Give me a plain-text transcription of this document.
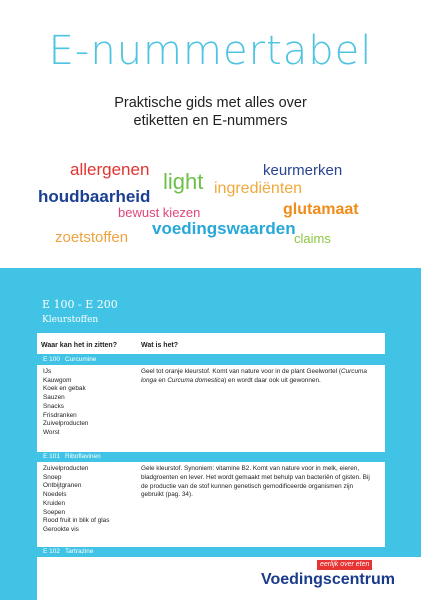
E-nummertabel
Praktische gids met alles over
etiketten en E-nummers
allergenen light	keurmerken
houdbaarheid	ingrediënten
bewust kiezen	glutamaat
zoetstoffen voedingswaarden
claims
E 100 - E 200
Kleurstoffen
Waar kan het in zitten?	Wat is het?
E 100 Curcumine
IJs
Kauwgom
Koek en gebak
Sauzen
Snacks
Frisdranken
Zuivelproducten
Worst
Geel tot oranje kleurstof. Komt van nature voor in de plant Geelwortel (Curcuma longa en Curcuma domestica) en wordt daar ook uit gewonnen.
E 101 Riboflavinen
Zuivelproducten
Snoep
Ontbijtgranen
Noedels
Kruiden
Soepen
Rood fruit in blik of glas
Gerookte vis
Gele kleurstof. Synoniem: vitamine B2. Komt van nature voor in melk, eieren, bladgroenten en lever. Het wordt gemaakt met behulp van bacteriën of gisten. Bij de productie van de stof kunnen genetisch gemodificeerde organismen zijn gebruikt (pag. 34).
E 102 Tartrazine
eerlijk over eten
Voedingscentrum
